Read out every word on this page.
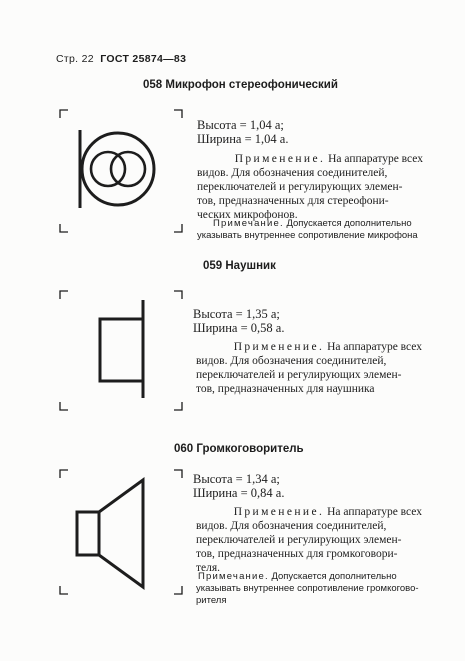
Стр. 22 ГОСТ 25874—83
058 Микрофон стереофонический
Высота = 1,04 а;
Ширина = 1,04 а.
Применение. На аппаратуре всех
видов. Для обозначения соединителей,
переключателей и регулирующих элемен-
тов, предназначенных для стереофони-
ческих микрофонов.
Примечание. Допускается дополнительно
указывать внутреннее сопротивление микрофона
059 Наушник
Высота = 1,35 а;
Ширина = 0,58 а.
Применение. На аппаратуре всех
видов. Для обозначения соединителей,
переключателей и регулирующих элемен-
тов, предназначенных для наушника
060 Громкоговоритель
Высота = 1,34 а;
Ширина = 0,84 а.
Применение. На аппаратуре всех
видов. Для обозначения соединителей,
переключателей и регулирующих элемен-
тов, предназначенных для громкоговори-
теля.
Примечание. Допускается дополнительно
указывать внутреннее сопротивление громкогово-
рителя
